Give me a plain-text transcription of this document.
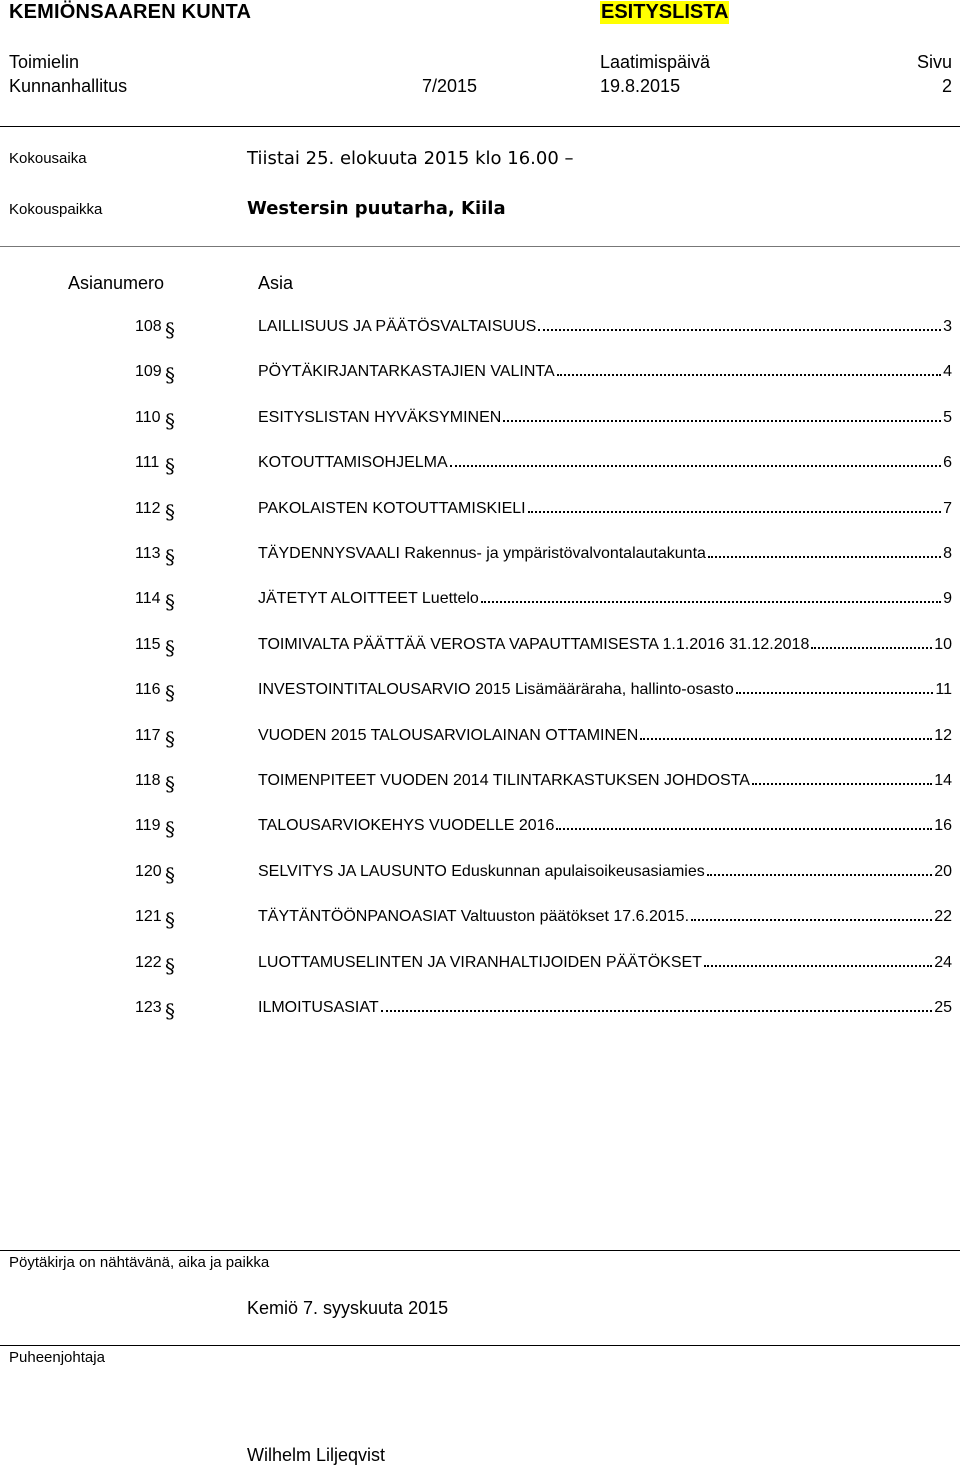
KEMIÖNSAAREN KUNTA	ESITYSLISTA
Toimielin
Kunnanhallitus	7/2015
Laatimispäivä
19.8.2015
Sivu
2
Kokousaika	Tiistai 25. elokuuta 2015 klo 16.00 –
Kokouspaikka	Westersin puutarha, Kiila
Asianumero	Asia
108 §	LAILLISUUS JA PÄÄTÖSVALTAISUUS	3
109 §	PÖYTÄKIRJANTARKASTAJIEN VALINTA	4
110 §	ESITYSLISTAN HYVÄKSYMINEN	5
111 §	KOTOUTTAMISOHJELMA	6
112 §	PAKOLAISTEN KOTOUTTAMISKIELI	7
113 §	TÄYDENNYSVAALI Rakennus- ja ympäristövalvontalautakunta	8
114 §	JÄTETYT ALOITTEET Luettelo	9
115 §	TOIMIVALTA PÄÄTTÄÄ VEROSTA VAPAUTTAMISESTA 1.1.2016 31.12.2018	10
116 §	INVESTOINTITALOUSARVIO 2015 Lisämääräraha, hallinto-osasto	11
117 §	VUODEN 2015 TALOUSARVIOLAINAN OTTAMINEN	12
118 §	TOIMENPITEET VUODEN 2014 TILINTARKASTUKSEN JOHDOSTA	14
119 §	TALOUSARVIOKEHYS VUODELLE 2016	16
120 §	SELVITYS JA LAUSUNTO Eduskunnan apulaisoikeusasiamies	20
121 §	TÄYTÄNTÖÖNPANOASIAT Valtuuston päätökset 17.6.2015.	22
122 §	LUOTTAMUSELINTEN JA VIRANHALTIJOIDEN PÄÄTÖKSET	24
123 §	ILMOITUSASIAT	25
Pöytäkirja on nähtävänä, aika ja paikka
Kemiö 7. syyskuuta 2015
Puheenjohtaja
Wilhelm Liljeqvist
